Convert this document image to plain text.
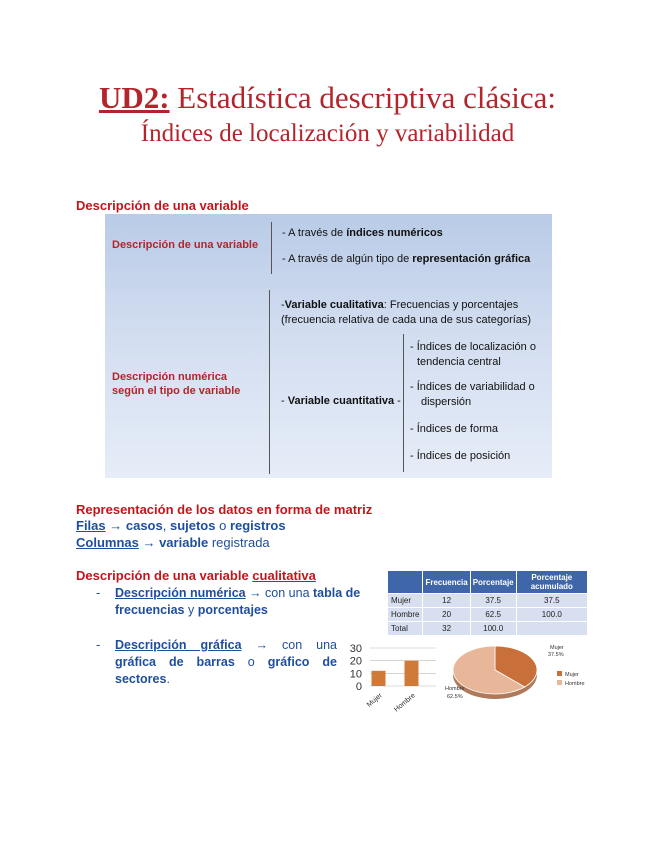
UD2: Estadística descriptiva clásica:
Índices de localización y variabilidad
Descripción de una variable
Descripción de una variable
- A través de índices numéricos
- A través de algún tipo de representación gráfica
Descripción numérica
según el tipo de variable
-Variable cualitativa: Frecuencias y porcentajes
(frecuencia relativa de cada una de sus categorías)
- Variable cuantitativa -
- Índices de localización o
tendencia central
- Índices de variabilidad o
dispersión
- Índices de forma
- Índices de posición
Representación de los datos en forma de matriz
Filas → casos, sujetos o registros
Columnas → variable registrada
Descripción de una variable cualitativa
- Descripción numérica → con una tabla de frecuencias y porcentajes
- Descripción gráfica → con una gráfica de barras o gráfico de sectores.
	Frecuencia	Porcentaje	Porcentaje acumulado
Mujer	12	37.5	37.5
Hombre	20	62.5	100.0
Total	32	100.0	
30
20
10
0
Mujer Hombre
Mujer
37.5%
Hombre
62.5%
Mujer
Hombre
